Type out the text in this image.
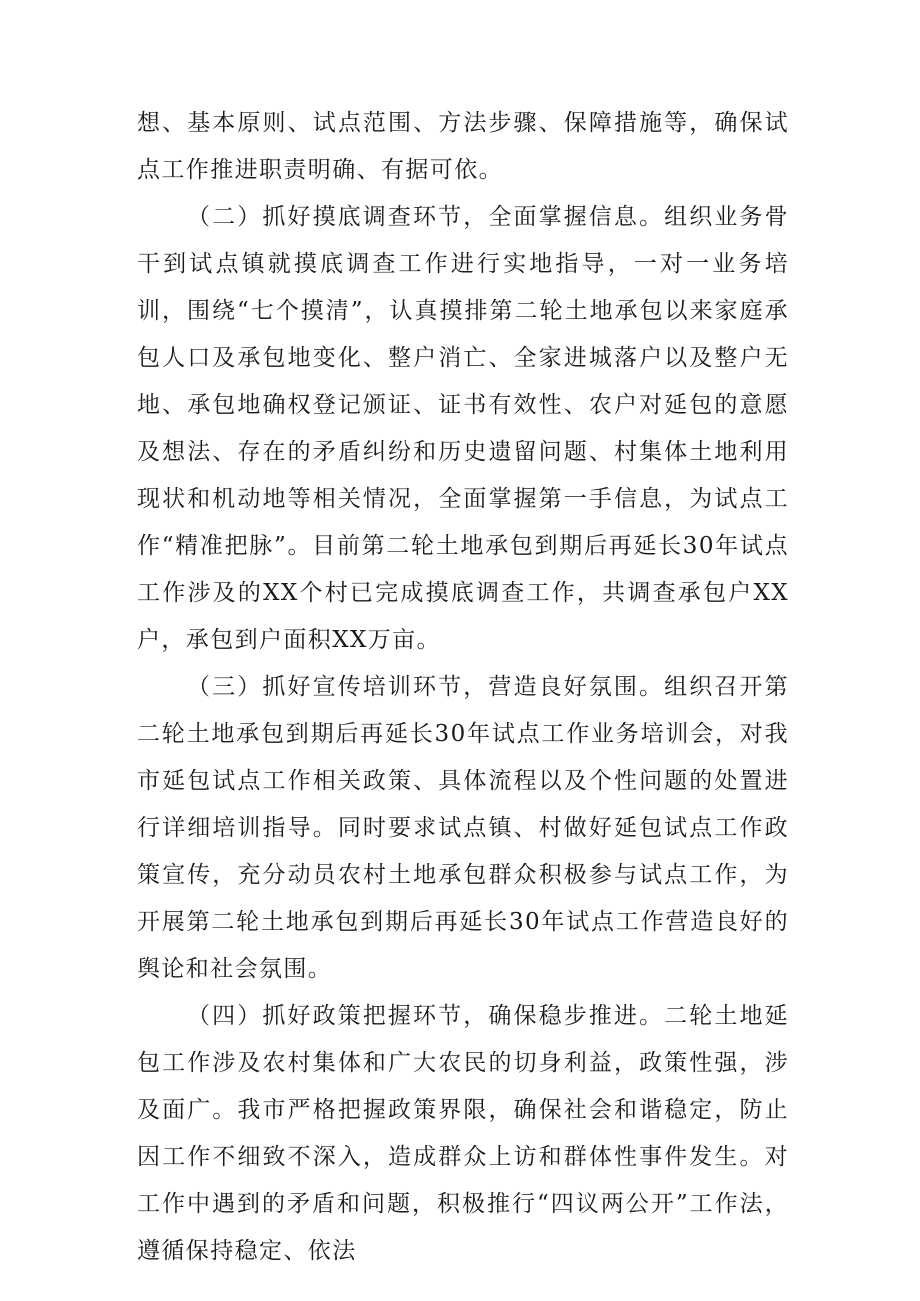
想、基本原则、试点范围、方法步骤、保障措施等，确保试点工作推进职责明确、有据可依。

（二）抓好摸底调查环节，全面掌握信息。组织业务骨干到试点镇就摸底调查工作进行实地指导，一对一业务培训，围绕“七个摸清”，认真摸排第二轮土地承包以来家庭承包人口及承包地变化、整户消亡、全家进城落户以及整户无地、承包地确权登记颁证、证书有效性、农户对延包的意愿及想法、存在的矛盾纠纷和历史遗留问题、村集体土地利用现状和机动地等相关情况，全面掌握第一手信息，为试点工作“精准把脉”。目前第二轮土地承包到期后再延长30年试点工作涉及的XX个村已完成摸底调查工作，共调查承包户XX户，承包到户面积XX万亩。

（三）抓好宣传培训环节，营造良好氛围。组织召开第二轮土地承包到期后再延长30年试点工作业务培训会，对我市延包试点工作相关政策、具体流程以及个性问题的处置进行详细培训指导。同时要求试点镇、村做好延包试点工作政策宣传，充分动员农村土地承包群众积极参与试点工作，为开展第二轮土地承包到期后再延长30年试点工作营造良好的舆论和社会氛围。

（四）抓好政策把握环节，确保稳步推进。二轮土地延包工作涉及农村集体和广大农民的切身利益，政策性强，涉及面广。我市严格把握政策界限，确保社会和谐稳定，防止因工作不细致不深入，造成群众上访和群体性事件发生。对工作中遇到的矛盾和问题，积极推行“四议两公开”工作法，遵循保持稳定、依法
